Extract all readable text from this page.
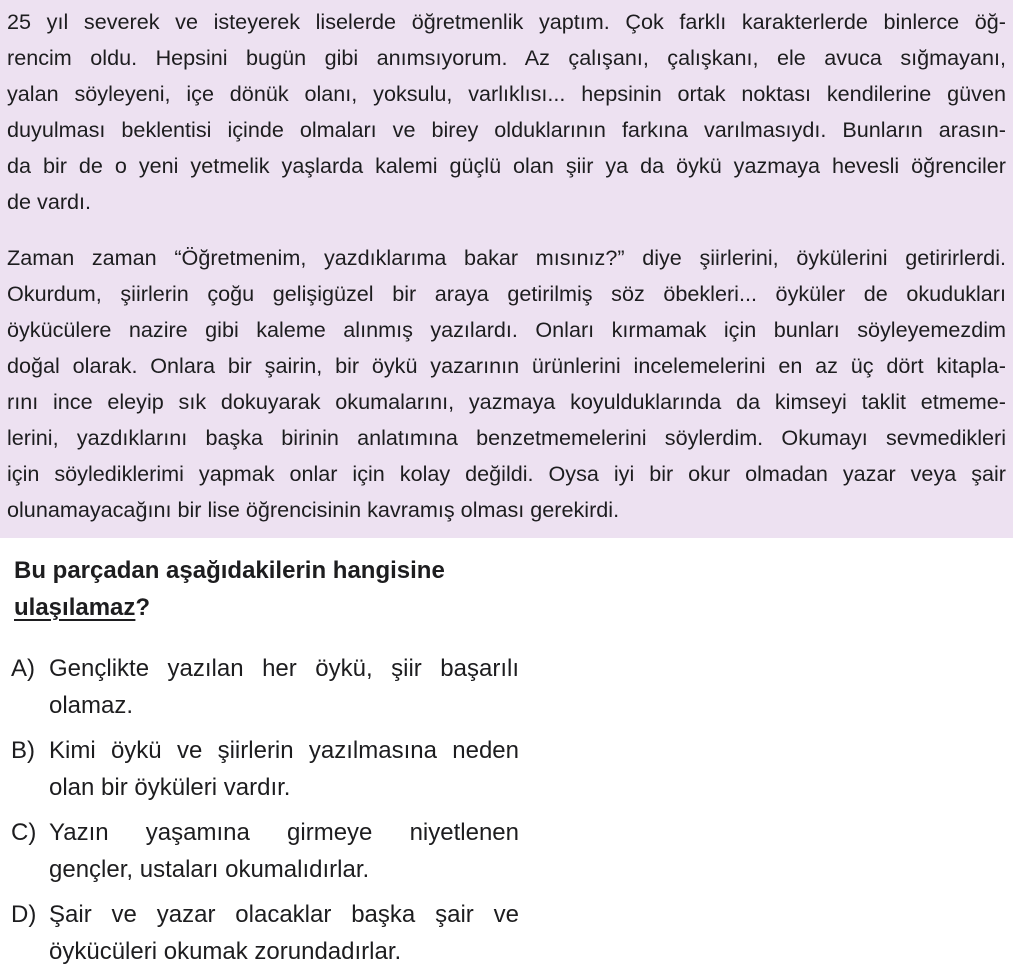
25 yıl severek ve isteyerek liselerde öğretmenlik yaptım. Çok farklı karakterlerde binlerce öğ-
rencim oldu. Hepsini bugün gibi anımsıyorum. Az çalışanı, çalışkanı, ele avuca sığmayanı,
yalan söyleyeni, içe dönük olanı, yoksulu, varlıklısı... hepsinin ortak noktası kendilerine güven
duyulması beklentisi içinde olmaları ve birey olduklarının farkına varılmasıydı. Bunların arasın-
da bir de o yeni yetmelik yaşlarda kalemi güçlü olan şiir ya da öykü yazmaya hevesli öğrenciler
de vardı.
Zaman zaman “Öğretmenim, yazdıklarıma bakar mısınız?” diye şiirlerini, öykülerini getirirlerdi.
Okurdum, şiirlerin çoğu gelişigüzel bir araya getirilmiş söz öbekleri... öyküler de okudukları
öykücülere nazire gibi kaleme alınmış yazılardı. Onları kırmamak için bunları söyleyemezdim
doğal olarak. Onlara bir şairin, bir öykü yazarının ürünlerini incelemelerini en az üç dört kitapla-
rını ince eleyip sık dokuyarak okumalarını, yazmaya koyulduklarında da kimseyi taklit etmeme-
lerini, yazdıklarını başka birinin anlatımına benzetmemelerini söylerdim. Okumayı sevmedikleri
için söylediklerimi yapmak onlar için kolay değildi. Oysa iyi bir okur olmadan yazar veya şair
olunamayacağını bir lise öğrencisinin kavramış olması gerekirdi.
Bu parçadan aşağıdakilerin hangisine
ulaşılamaz?
A) Gençlikte yazılan her öykü, şiir başarılı
olamaz.
B) Kimi öykü ve şiirlerin yazılmasına neden
olan bir öyküleri vardır.
C) Yazın yaşamına girmeye niyetlenen
gençler, ustaları okumalıdırlar.
D) Şair ve yazar olacaklar başka şair ve
öykücüleri okumak zorundadırlar.
